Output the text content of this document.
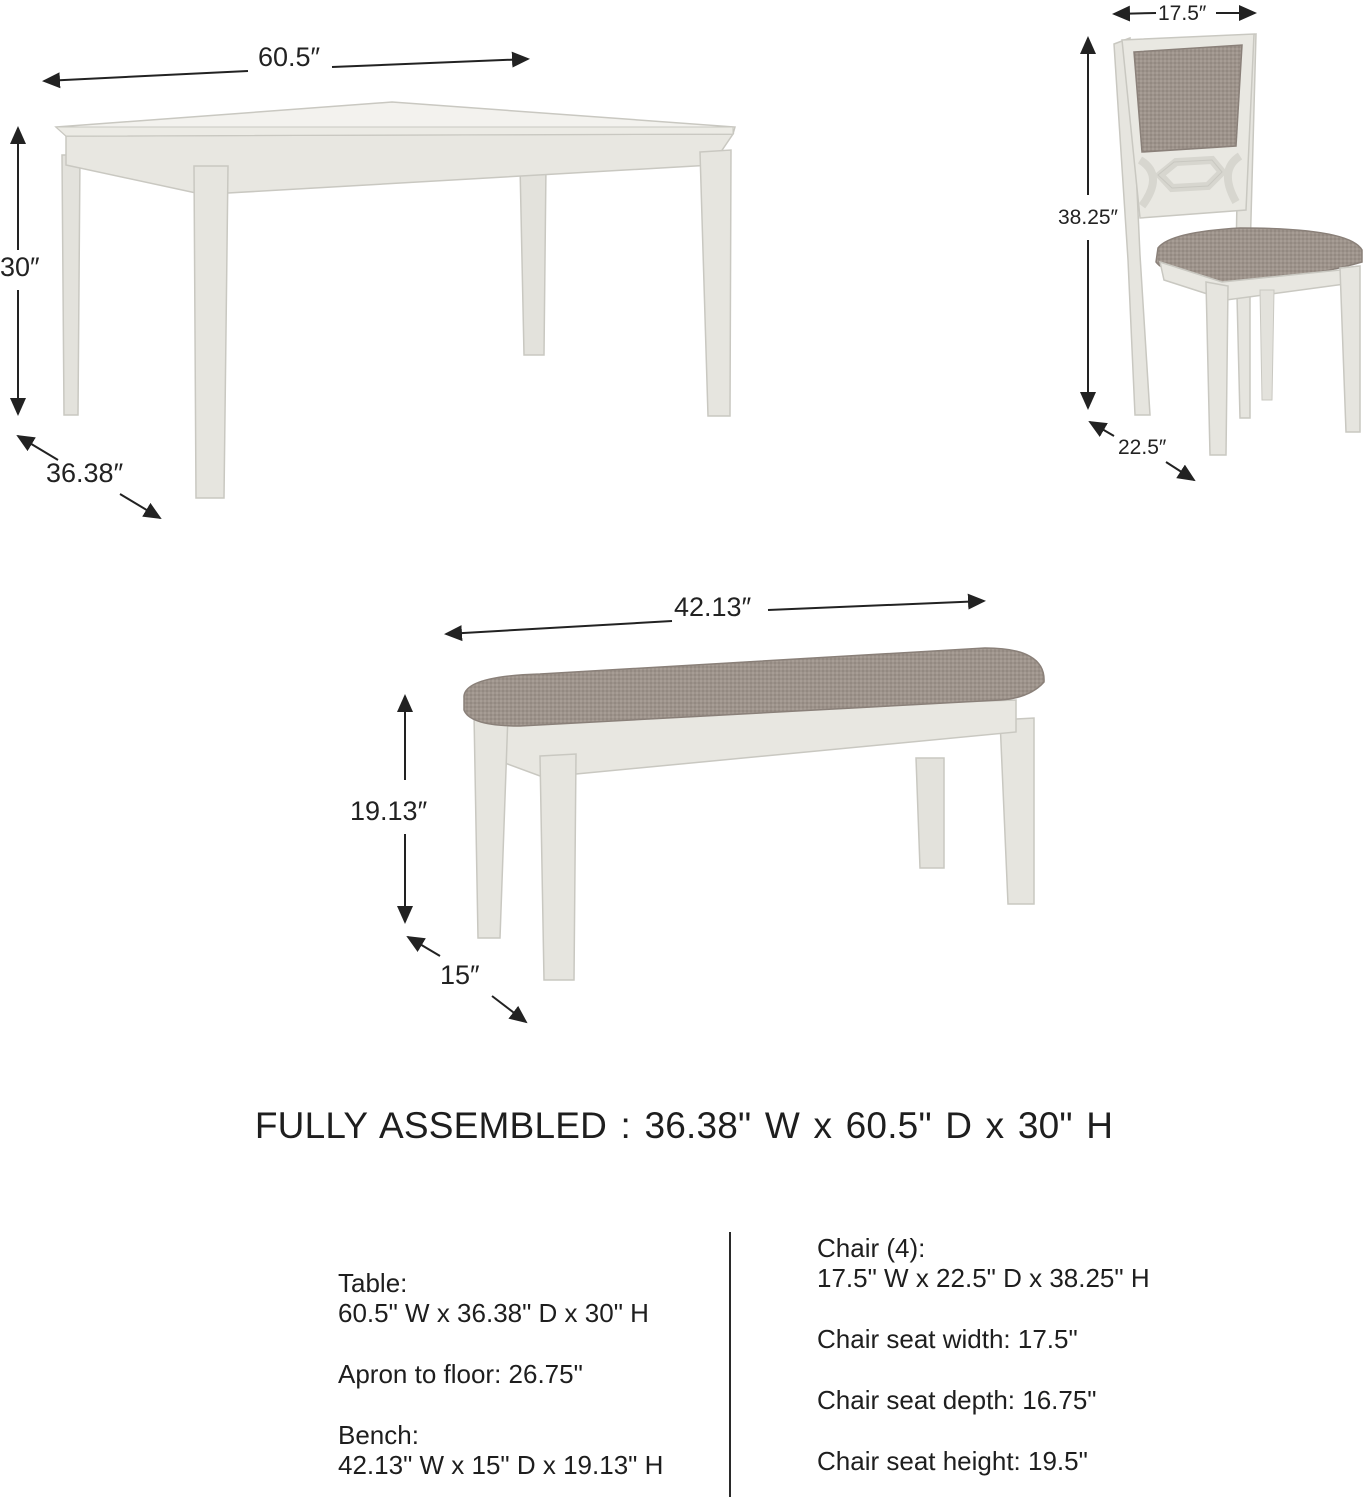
60.5″
30″
36.38″
17.5″
38.25″
22.5″
42.13″
19.13″
15″
FULLY ASSEMBLED : 36.38" W x 60.5" D x 30" H
Table:
60.5" W x 36.38" D x 30" H
Apron to floor: 26.75"
Bench:
42.13" W x 15" D x 19.13" H
Chair (4):
17.5" W x 22.5" D x 38.25" H
Chair seat width: 17.5"
Chair seat depth: 16.75"
Chair seat height: 19.5"
